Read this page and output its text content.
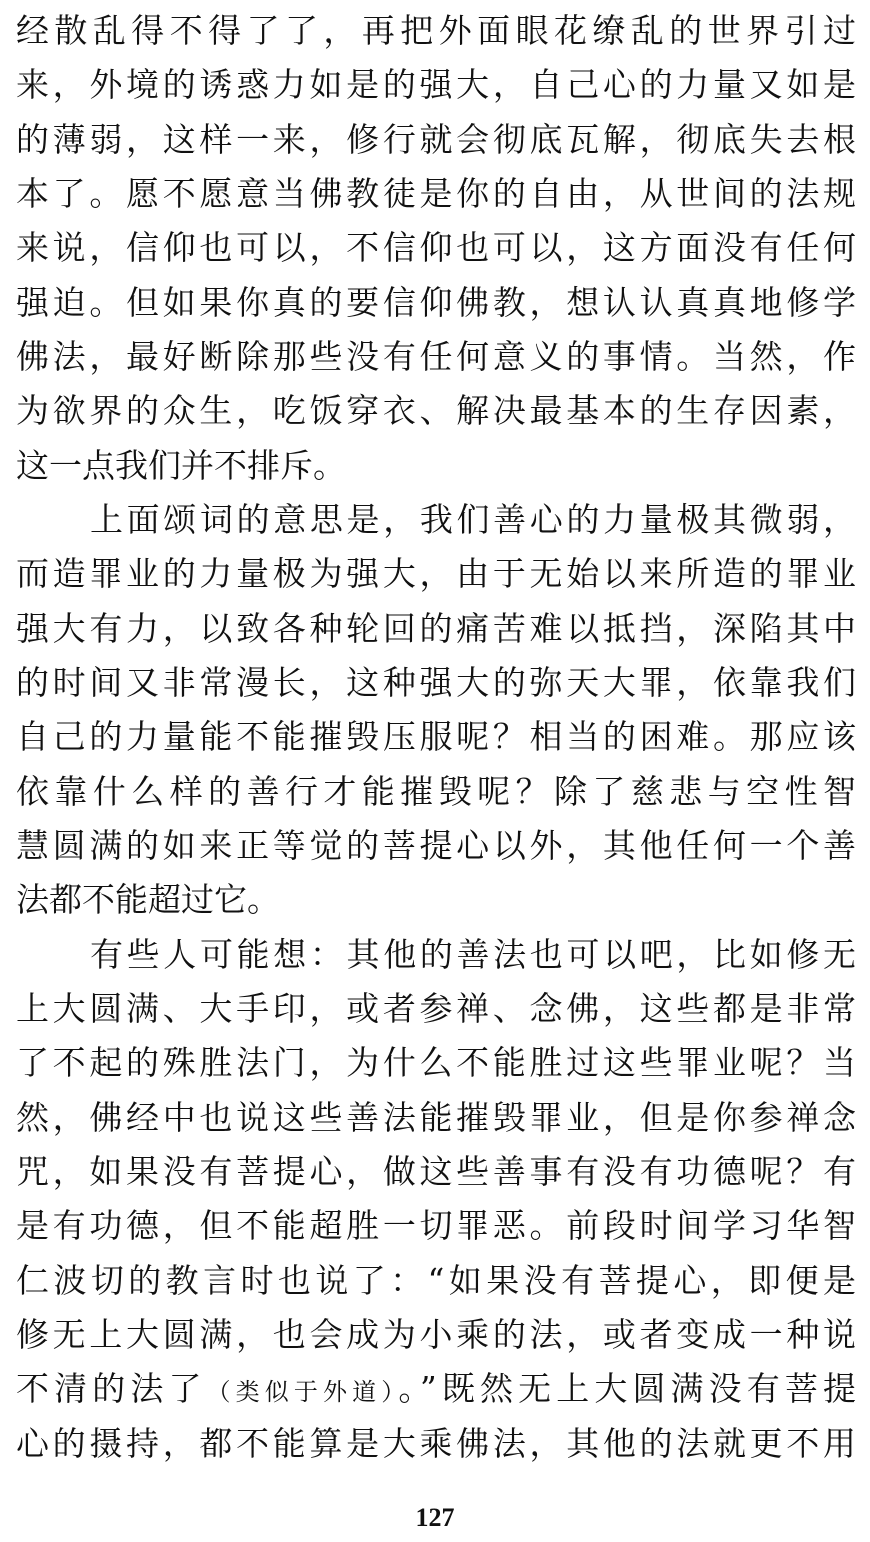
经散乱得不得了了，再把外面眼花缭乱的世界引过
来，外境的诱惑力如是的强大，自己心的力量又如是
的薄弱，这样一来，修行就会彻底瓦解，彻底失去根
本了。愿不愿意当佛教徒是你的自由，从世间的法规
来说，信仰也可以，不信仰也可以，这方面没有任何
强迫。但如果你真的要信仰佛教，想认认真真地修学
佛法，最好断除那些没有任何意义的事情。当然，作
为欲界的众生，吃饭穿衣、解决最基本的生存因素，
这一点我们并不排斥。
上面颂词的意思是，我们善心的力量极其微弱，
而造罪业的力量极为强大，由于无始以来所造的罪业
强大有力，以致各种轮回的痛苦难以抵挡，深陷其中
的时间又非常漫长，这种强大的弥天大罪，依靠我们
自己的力量能不能摧毁压服呢？相当的困难。那应该
依靠什么样的善行才能摧毁呢？除了慈悲与空性智
慧圆满的如来正等觉的菩提心以外，其他任何一个善
法都不能超过它。
有些人可能想：其他的善法也可以吧，比如修无
上大圆满、大手印，或者参禅、念佛，这些都是非常
了不起的殊胜法门，为什么不能胜过这些罪业呢？当
然，佛经中也说这些善法能摧毁罪业，但是你参禅念
咒，如果没有菩提心，做这些善事有没有功德呢？有
是有功德，但不能超胜一切罪恶。前段时间学习华智
仁波切的教言时也说了：“如果没有菩提心，即便是
修无上大圆满，也会成为小乘的法，或者变成一种说
不清的法了（类似于外道）。”既然无上大圆满没有菩提
心的摄持，都不能算是大乘佛法，其他的法就更不用
127
